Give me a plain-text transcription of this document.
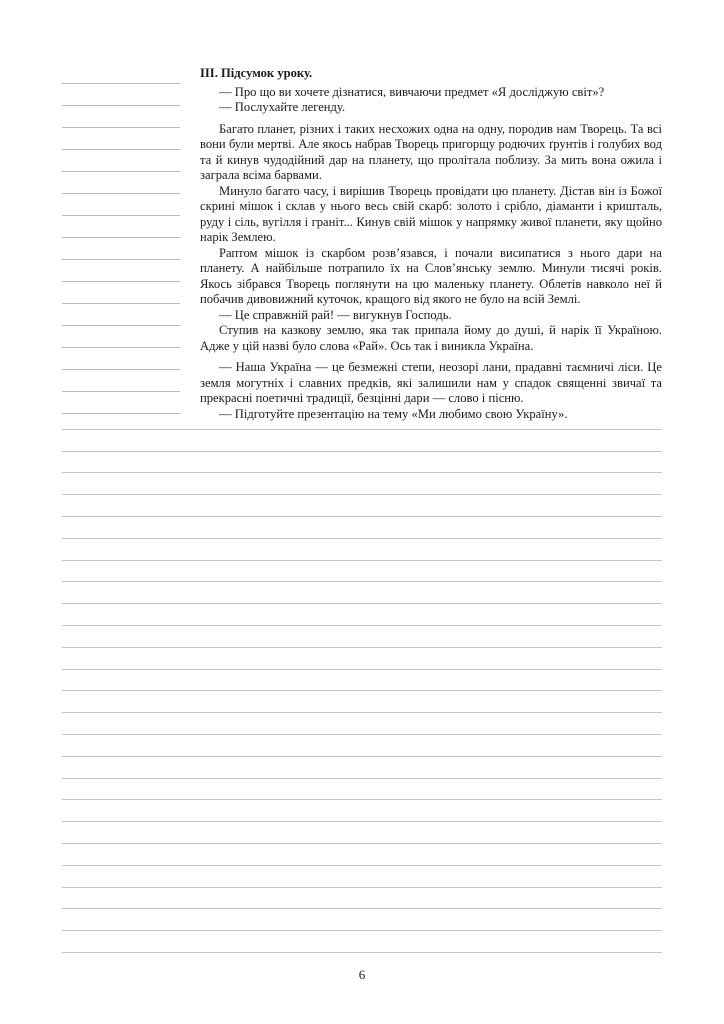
III. Підсумок уроку.

— Про що ви хочете дізнатися, вивчаючи предмет «Я досліджую світ»?

— Послухайте легенду.

Багато планет, різних і таких несхожих одна на одну, породив нам Творець. Та всі вони були мертві. Але якось набрав Творець пригорщу родючих ґрунтів і голубих вод та й кинув чудодійний дар на планету, що пролітала поблизу. За мить вона ожила і заграла всіма барвами.

Минуло багато часу, і вирішив Творець провідати цю планету. Дістав він із Божої скрині мішок і склав у нього весь свій скарб: золото і срібло, діаманти і кришталь, руду і сіль, вугілля і граніт... Кинув свій мішок у напрямку живої планети, яку щойно нарік Землею.

Раптом мішок із скарбом розв’язався, і почали висипатися з нього дари на планету. А найбільше потрапило їх на Слов’янську землю. Минули тисячі років. Якось зібрався Творець поглянути на цю маленьку планету. Облетів навколо неї й побачив дивовижний куточок, кращого від якого не було на всій Землі.

— Це справжній рай! — вигукнув Господь.

Ступив на казкову землю, яка так припала йому до душі, й нарік її Україною. Адже у цій назві було слова «Рай». Ось так і виникла Україна.

— Наша Україна — це безмежні степи, неозорі лани, прадавні таємничі ліси. Це земля могутніх і славних предків, які залишили нам у спадок священні звичаї та прекрасні поетичні традиції, безцінні дари — слово і пісню.

— Підготуйте презентацію на тему «Ми любимо свою Україну».

6
